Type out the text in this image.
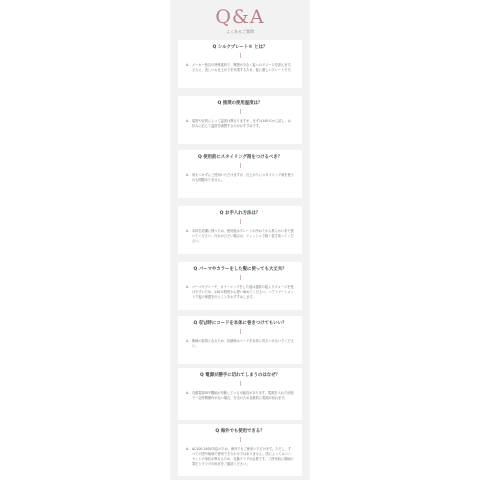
Q&A
よくあるご質問
Q シルクプレート® とは？
A. メーカー独自の特殊素材で、摩擦が少なく髪へのダメージを抑えます。さらに、美しいお仕上がりを実現するため、髪に優しいプレートです。
Q 推奨の使用温度は？
A. 髪質や目的によって温度は異なりますが、まずは140℃から試し、お好みに応じて温度を調整するのがおすすめです。
Q 使用前にスタイリング剤をつけるべき？
A. 何もつけずにご使用いただけますが、仕上がりにスタイリング剤を使うのも問題ありません。
Q お手入れ方法は？
A. 本体を清潔に保つため、使用後はプレートが冷めてから柔らかい布で拭いてください。汚れがひどい場合は、ティッシュで軽く拭き取ってください。
Q パーマやカラーをした髪に使っても大丈夫？
A. パーマやブリーチ、カラーリングをした髪は通常の髪よりダメージを受けやすいため、140℃程度から使い始めてください。ヘアトリートメントで髪の保護を行うことをおすすめします。
Q 収납時にコードを本体に巻きつけてもいい？
A. 断線の原因となるため、収納時はコードを本体に巻きつけないでください。
Q 電源が勝手に切れてしまうのはなぜ？
A. 自動電源OFF機能が作動している可能性があります。電源を入れた状態で一定時間操作がない場合、安全のため自動的に電源が切れます。
Q 海外でも使用できる？
A. AC100-240V対応のため、海外でもご使用いただけます。ただし、すべての国や地域で使用できるわけではありません。国によってはコンセントの形状が異なるため、変換プラグが必要です。ご使用前に現地の電圧とプラグの形状をご確認ください。
